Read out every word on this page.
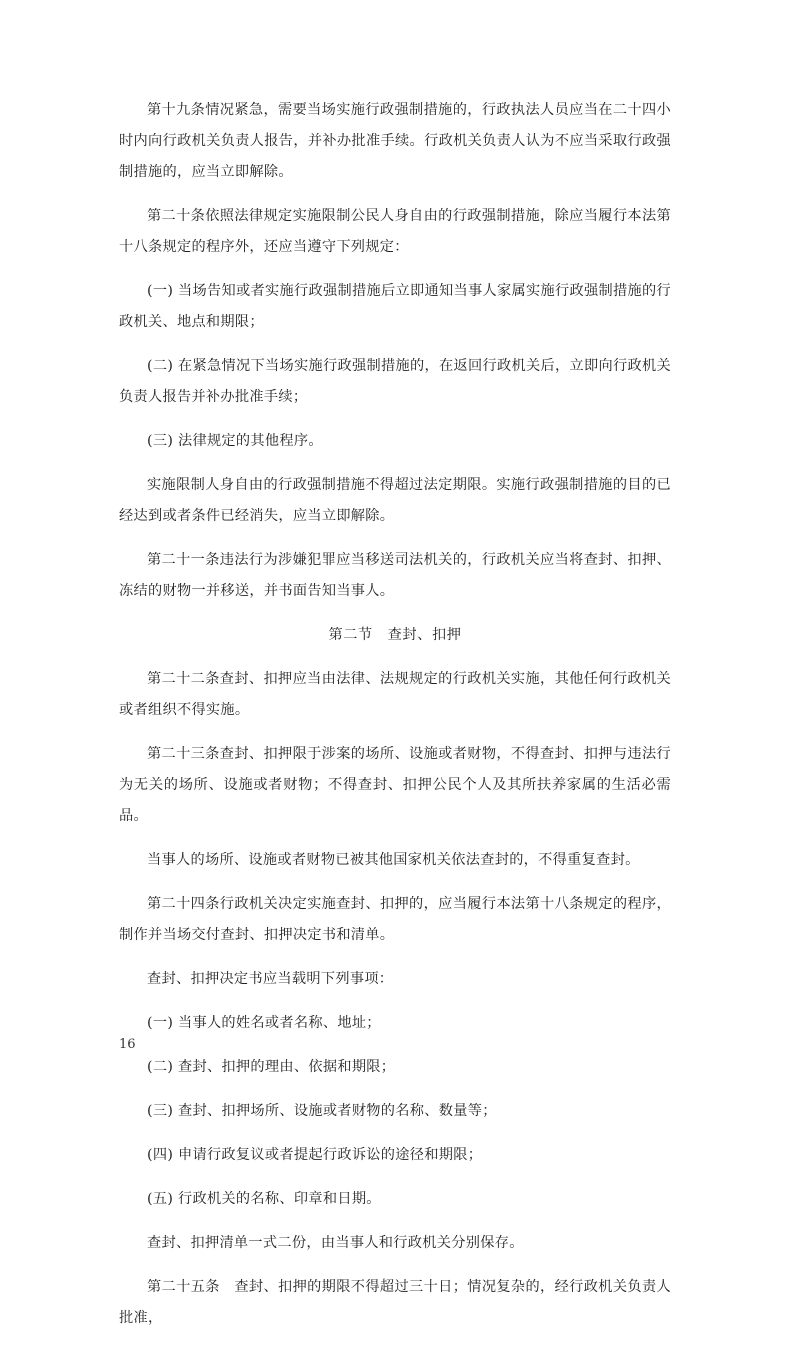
第十九条情况紧急，需要当场实施行政强制措施的，行政执法人员应当在二十四小时内向行政机关负责人报告，并补办批准手续。行政机关负责人认为不应当采取行政强制措施的，应当立即解除。

第二十条依照法律规定实施限制公民人身自由的行政强制措施，除应当履行本法第十八条规定的程序外，还应当遵守下列规定：

(一) 当场告知或者实施行政强制措施后立即通知当事人家属实施行政强制措施的行政机关、地点和期限；

(二) 在紧急情况下当场实施行政强制措施的，在返回行政机关后，立即向行政机关负责人报告并补办批准手续；

(三) 法律规定的其他程序。

实施限制人身自由的行政强制措施不得超过法定期限。实施行政强制措施的目的已经达到或者条件已经消失，应当立即解除。

第二十一条违法行为涉嫌犯罪应当移送司法机关的，行政机关应当将查封、扣押、冻结的财物一并移送，并书面告知当事人。

第二节　查封、扣押

第二十二条查封、扣押应当由法律、法规规定的行政机关实施，其他任何行政机关或者组织不得实施。

第二十三条查封、扣押限于涉案的场所、设施或者财物，不得查封、扣押与违法行为无关的场所、设施或者财物；不得查封、扣押公民个人及其所扶养家属的生活必需品。

当事人的场所、设施或者财物已被其他国家机关依法查封的，不得重复查封。

第二十四条行政机关决定实施查封、扣押的，应当履行本法第十八条规定的程序，制作并当场交付查封、扣押决定书和清单。

查封、扣押决定书应当载明下列事项：

(一) 当事人的姓名或者名称、地址；

(二) 查封、扣押的理由、依据和期限；

(三) 查封、扣押场所、设施或者财物的名称、数量等；

(四) 申请行政复议或者提起行政诉讼的途径和期限；

(五) 行政机关的名称、印章和日期。

查封、扣押清单一式二份，由当事人和行政机关分别保存。

第二十五条　查封、扣押的期限不得超过三十日；情况复杂的，经行政机关负责人批准，

16
